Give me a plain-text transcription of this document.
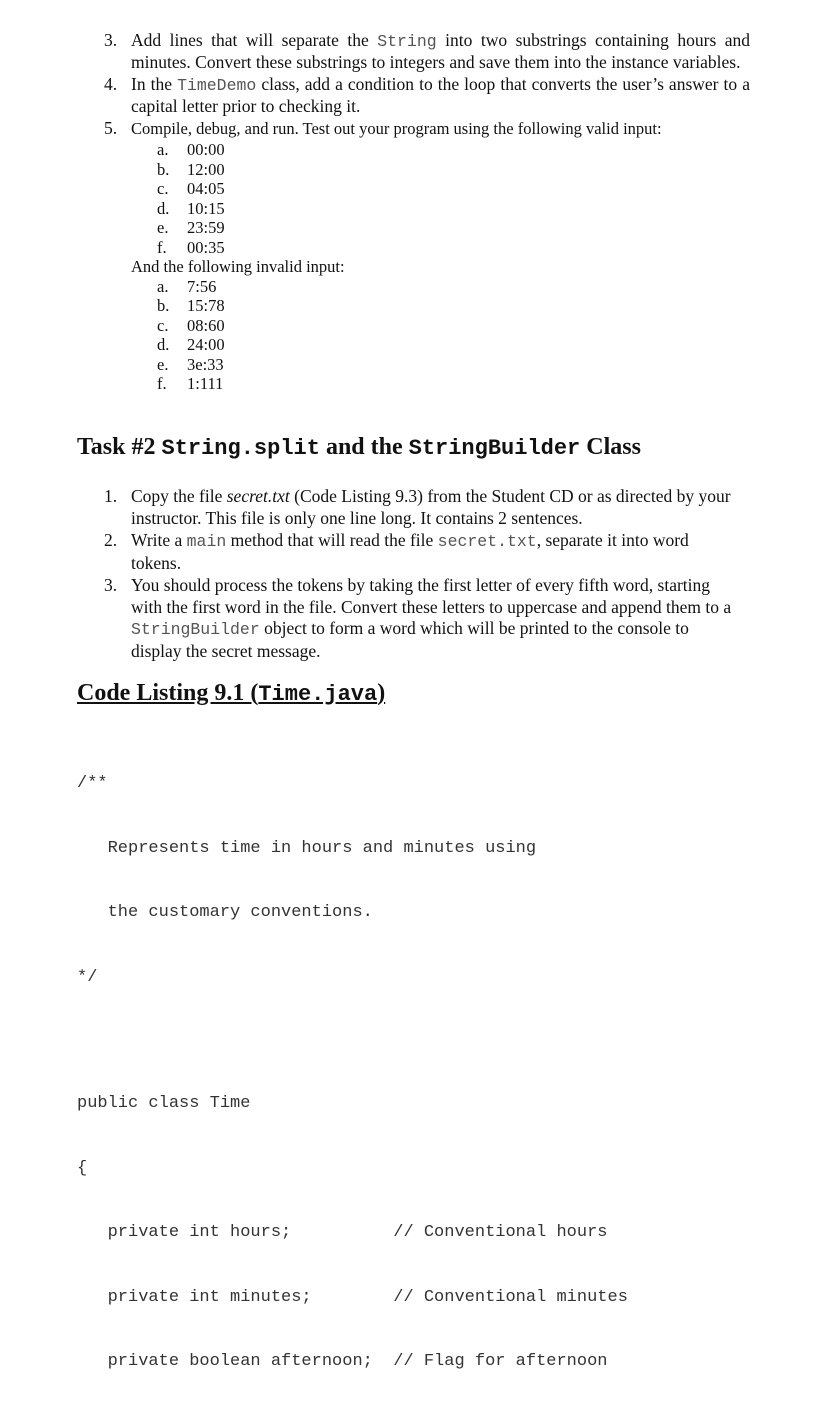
3. Add lines that will separate the String into two substrings containing hours and minutes. Convert these substrings to integers and save them into the instance variables.
4. In the TimeDemo class, add a condition to the loop that converts the user’s answer to a capital letter prior to checking it.
5. Compile, debug, and run. Test out your program using the following valid input:
a. 00:00
b. 12:00
c. 04:05
d. 10:15
e. 23:59
f. 00:35
And the following invalid input:
a. 7:56
b. 15:78
c. 08:60
d. 24:00
e. 3e:33
f. 1:111
Task #2 String.split and the StringBuilder Class
1. Copy the file secret.txt (Code Listing 9.3) from the Student CD or as directed by your instructor. This file is only one line long. It contains 2 sentences.
2. Write a main method that will read the file secret.txt, separate it into word tokens.
3. You should process the tokens by taking the first letter of every fifth word, starting with the first word in the file. Convert these letters to uppercase and append them to a StringBuilder object to form a word which will be printed to the console to display the secret message.
Code Listing 9.1 (Time.java)

/**

Represents time in hours and minutes using

the customary conventions.

*/

public class Time

{

private int hours;          // Conventional hours

private int minutes;        // Conventional minutes

private boolean afternoon;  // Flag for afternoon
